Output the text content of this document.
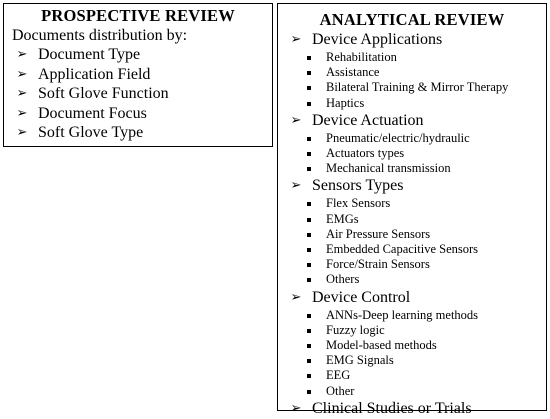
PROSPECTIVE REVIEW
Documents distribution by:
➢ Document Type
➢ Application Field
➢ Soft Glove Function
➢ Document Focus
➢ Soft Glove Type
ANALYTICAL REVIEW
➢ Device Applications
Rehabilitation
Assistance
Bilateral Training & Mirror Therapy
Haptics
➢ Device Actuation
Pneumatic/electric/hydraulic
Actuators types
Mechanical transmission
➢ Sensors Types
Flex Sensors
EMGs
Air Pressure Sensors
Embedded Capacitive Sensors
Force/Strain Sensors
Others
➢ Device Control
ANNs-Deep learning methods
Fuzzy logic
Model-based methods
EMG Signals
EEG
Other
➢ Clinical Studies or Trials
